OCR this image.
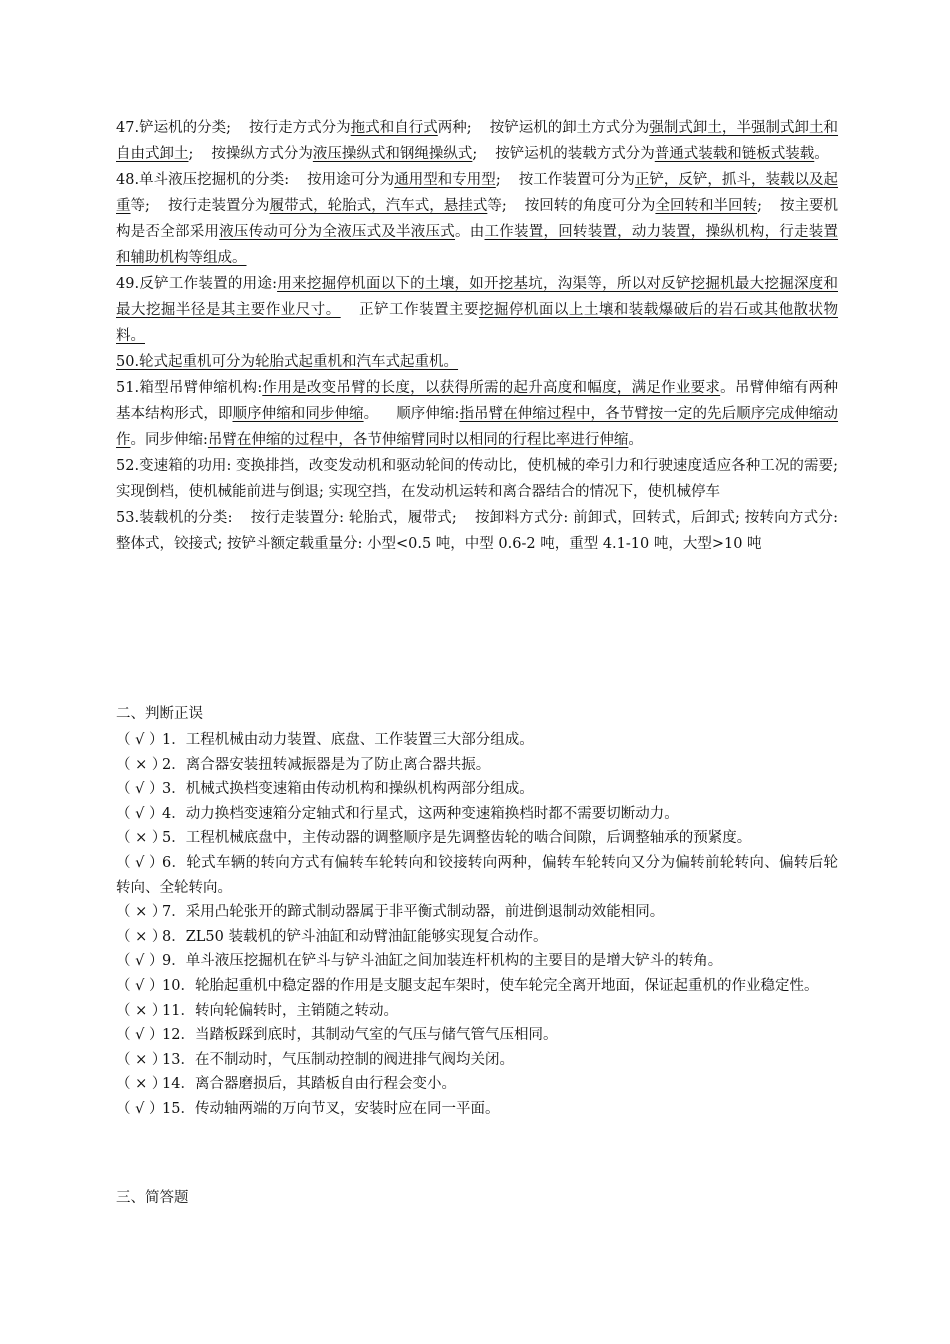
47.铲运机的分类; 按行走方式分为拖式和自行式两种; 按铲运机的卸土方式分为强制式卸土，半强制式卸土和自由式卸土; 按操纵方式分为液压操纵式和钢绳操纵式; 按铲运机的装载方式分为普通式装载和链板式装载。

48.单斗液压挖掘机的分类: 按用途可分为通用型和专用型; 按工作装置可分为正铲，反铲，抓斗，装载以及起重等; 按行走装置分为履带式，轮胎式，汽车式，悬挂式等; 按回转的角度可分为全回转和半回转; 按主要机构是否全部采用液压传动可分为全液压式及半液压式。由工作装置，回转装置，动力装置，操纵机构，行走装置和辅助机构等组成。

49.反铲工作装置的用途:用来挖掘停机面以下的土壤，如开挖基坑，沟渠等，所以对反铲挖掘机最大挖掘深度和最大挖掘半径是其主要作业尺寸。 正铲工作装置主要挖掘停机面以上土壤和装载爆破后的岩石或其他散状物料。

50.轮式起重机可分为轮胎式起重机和汽车式起重机。

51.箱型吊臂伸缩机构:作用是改变吊臂的长度，以获得所需的起升高度和幅度，满足作业要求。吊臂伸缩有两种基本结构形式，即顺序伸缩和同步伸缩。 顺序伸缩:指吊臂在伸缩过程中，各节臂按一定的先后顺序完成伸缩动作。同步伸缩:吊臂在伸缩的过程中，各节伸缩臂同时以相同的行程比率进行伸缩。

52.变速箱的功用: 变换排挡，改变发动机和驱动轮间的传动比，使机械的牵引力和行驶速度适应各种工况的需要; 实现倒档，使机械能前进与倒退; 实现空挡，在发动机运转和离合器结合的情况下，使机械停车

53.装载机的分类: 按行走装置分: 轮胎式，履带式; 按卸料方式分: 前卸式，回转式，后卸式; 按转向方式分: 整体式，铰接式; 按铲斗额定载重量分: 小型<0.5 吨，中型 0.6-2 吨，重型 4.1-10 吨，大型>10 吨

二、判断正误

（ √ ）1．工程机械由动力装置、底盘、工作装置三大部分组成。

（ × ）2．离合器安装扭转减振器是为了防止离合器共振。

（ √ ）3．机械式换档变速箱由传动机构和操纵机构两部分组成。

（ √ ）4．动力换档变速箱分定轴式和行星式，这两种变速箱换档时都不需要切断动力。

（ × ）5．工程机械底盘中，主传动器的调整顺序是先调整齿轮的啮合间隙，后调整轴承的预紧度。

（ √ ）6．轮式车辆的转向方式有偏转车轮转向和铰接转向两种，偏转车轮转向又分为偏转前轮转向、偏转后轮转向、全轮转向。

（ × ）7．采用凸轮张开的蹄式制动器属于非平衡式制动器，前进倒退制动效能相同。

（ × ）8．ZL50 装载机的铲斗油缸和动臂油缸能够实现复合动作。

（ √ ）9．单斗液压挖掘机在铲斗与铲斗油缸之间加装连杆机构的主要目的是增大铲斗的转角。

（ √ ）10．轮胎起重机中稳定器的作用是支腿支起车架时，使车轮完全离开地面，保证起重机的作业稳定性。

（ × ）11．转向轮偏转时，主销随之转动。

（ √ ）12．当踏板踩到底时，其制动气室的气压与储气管气压相同。

（ × ）13．在不制动时，气压制动控制的阀进排气阀均关闭。

（ × ）14．离合器磨损后，其踏板自由行程会变小。

（ √ ）15．传动轴两端的万向节叉，安装时应在同一平面。

三、简答题
